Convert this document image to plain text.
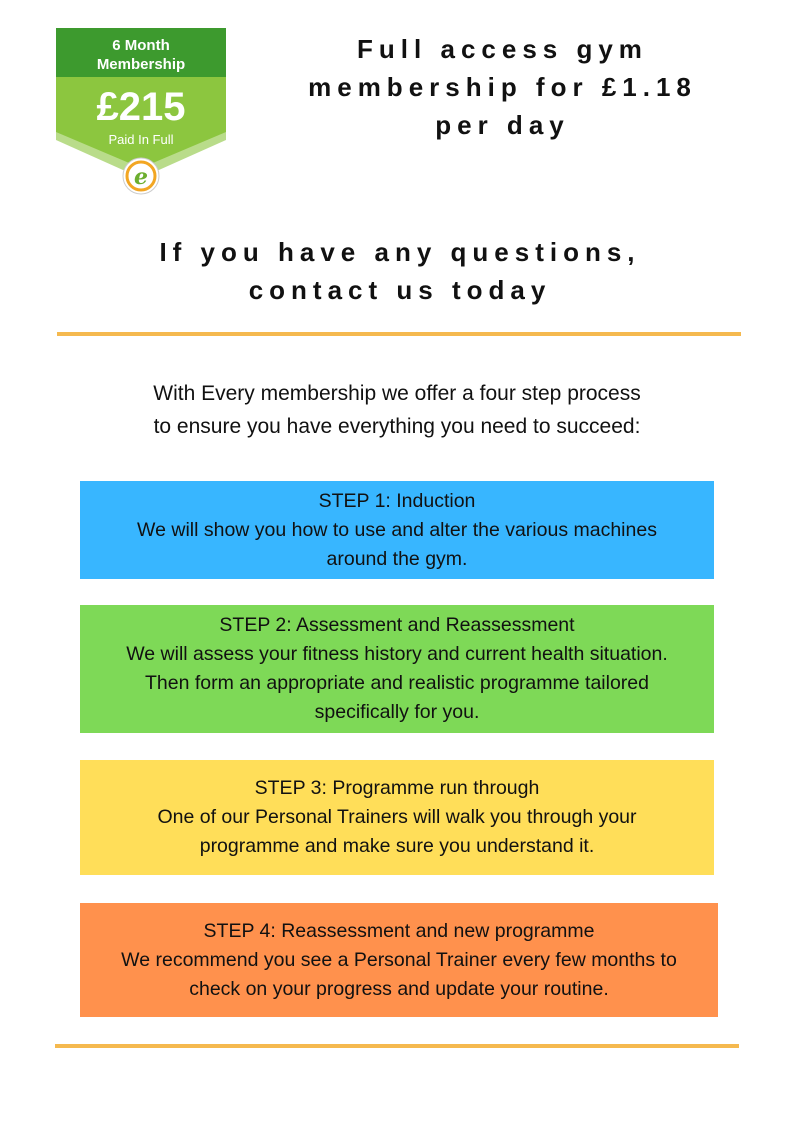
6 Month
Membership
£215
Paid In Full
e
Full access gym
membership for £1.18
per day
If you have any questions,
contact us today
With Every membership we offer a four step process
to ensure you have everything you need to succeed:
STEP 1: Induction
We will show you how to use and alter the various machines
around the gym.
STEP 2: Assessment and Reassessment
We will assess your fitness history and current health situation.
Then form an appropriate and realistic programme tailored
specifically for you.
STEP 3: Programme run through
One of our Personal Trainers will walk you through your
programme and make sure you understand it.
STEP 4: Reassessment and new programme
We recommend you see a Personal Trainer every few months to
check on your progress and update your routine.
